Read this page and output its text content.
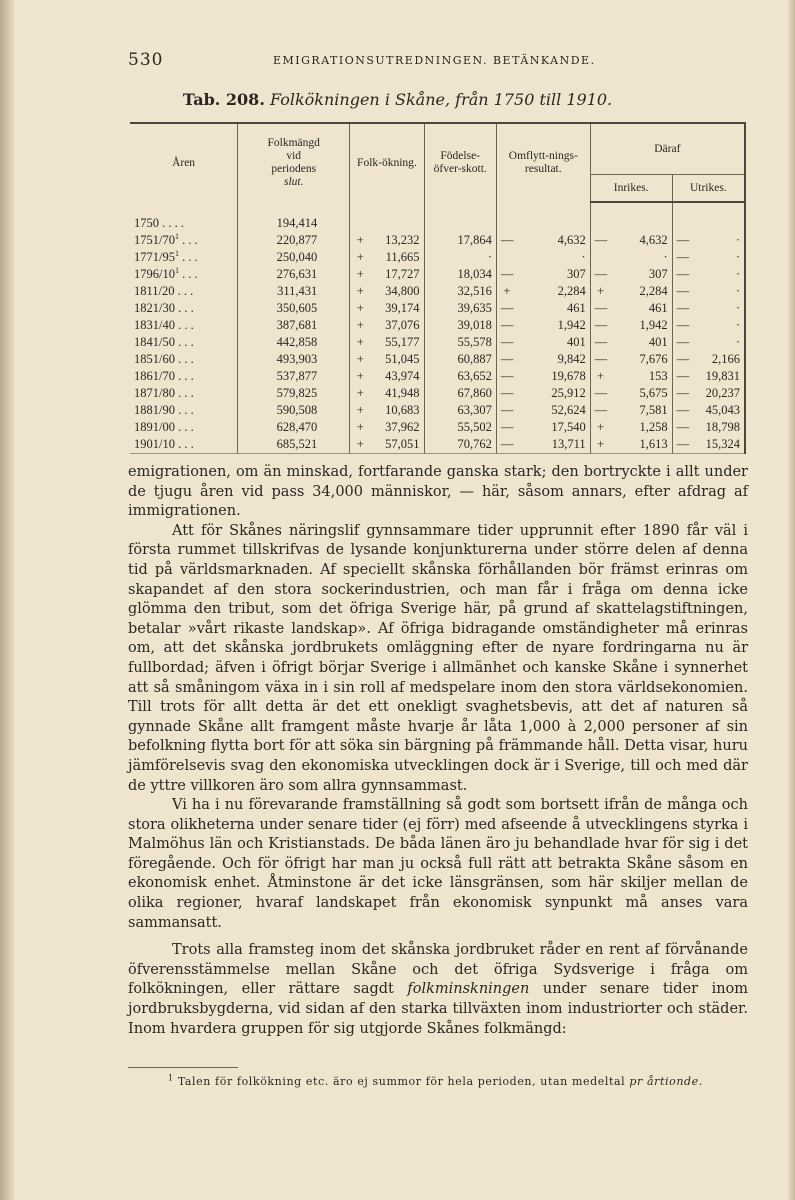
530	EMIGRATIONSUTREDNINGEN. BETÄNKANDE.
Tab. 208. Folkökningen i Skåne, från 1750 till 1910.
Åren	Folkmängd
vid
periodens
slut.	Folk-ökning.	Födelse-öfver-skott.	Omflytt-nings-resultat.	Däraf	
					Inrikes.	Utrikes.
1750 . . . .	194,414	

$1751/70^1$ . . .	220,877	+ 13,232	17,864	— 4,632	— 4,632	— ·
$1771/95^1$ . . .	250,040	+ 11,665	·	·	·	— ·
$1796/10^1$ . . .	276,631	+ 17,727	18,034	— 307	— 307	— ·
1811/20 . . .	311,431	+ 34,800	32,516	+ 2,284	+ 2,284	— ·
1821/30 . . .	350,605	+ 39,174	39,635	— 461	— 461	— ·
1831/40 . . .	387,681	+ 37,076	39,018	— 1,942	— 1,942	— ·
1841/50 . . .	442,858	+ 55,177	55,578	— 401	— 401	— ·
1851/60 . . .	493,903	+ 51,045	60,887	— 9,842	— 7,676	— 2,166
1861/70 . . .	537,877	+ 43,974	63,652	— 19,678	+ 153	— 19,831
1871/80 . . .	579,825	+ 41,948	67,860	— 25,912	— 5,675	— 20,237
1881/90 . . .	590,508	+ 10,683	63,307	— 52,624	— 7,581	— 45,043
1891/00 . . .	628,470	+ 37,962	55,502	— 17,540	+ 1,258	— 18,798
1901/10 . . .	685,521	+ 57,051	70,762	— 13,711	+ 1,613	— 15,324

emigrationen, om än minskad, fortfarande ganska stark; den bortryckte i allt under de tjugu åren vid pass 34,000 människor, — här, såsom annars, efter afdrag af immigrationen.

Att för Skånes näringslif gynnsammare tider upprunnit efter 1890 får väl i första rummet tillskrifvas de lysande konjunkturerna under större delen af denna tid på världsmarknaden. Af speciellt skånska förhållanden bör främst erinras om skapandet af den stora sockerindustrien, och man får i fråga om denna icke glömma den tribut, som det öfriga Sverige här, på grund af skattelagstiftningen, betalar »vårt rikaste landskap». Af öfriga bidragande omständigheter må erinras om, att det skånska jordbrukets omläggning efter de nyare fordringarna nu är fullbordad; äfven i öfrigt börjar Sverige i allmänhet och kanske Skåne i synnerhet att så småningom växa in i sin roll af medspelare inom den stora världsekonomien. Till trots för allt detta är det ett onekligt svaghetsbevis, att det af naturen så gynnade Skåne allt framgent måste hvarje år låta 1,000 à 2,000 personer af sin befolkning flytta bort för att söka sin bärgning på främmande håll. Detta visar, huru jämförelsevis svag den ekonomiska utvecklingen dock är i Sverige, till och med där de yttre villkoren äro som allra gynnsammast.

Vi ha i nu förevarande framställning så godt som bortsett ifrån de många och stora olikheterna under senare tider (ej förr) med afseende å utvecklingens styrka i Malmöhus län och Kristianstads. De båda länen äro ju behandlade hvar för sig i det föregående. Och för öfrigt har man ju också full rätt att betrakta Skåne såsom en ekonomisk enhet. Åtminstone är det icke länsgränsen, som här skiljer mellan de olika regioner, hvaraf landskapet från ekonomisk synpunkt må anses vara sammansatt.

Trots alla framsteg inom det skånska jordbruket råder en rent af förvånande öfverensstämmelse mellan Skåne och det öfriga Sydsverige i fråga om folkökningen, eller rättare sagdt folkminskningen under senare tider inom jordbruksbygderna, vid sidan af den starka tillväxten inom industriorter och städer. Inom hvardera gruppen för sig utgjorde Skånes folkmängd:

$^1$ Talen för folkökning etc. äro ej summor för hela perioden, utan medeltal pr årtionde.
